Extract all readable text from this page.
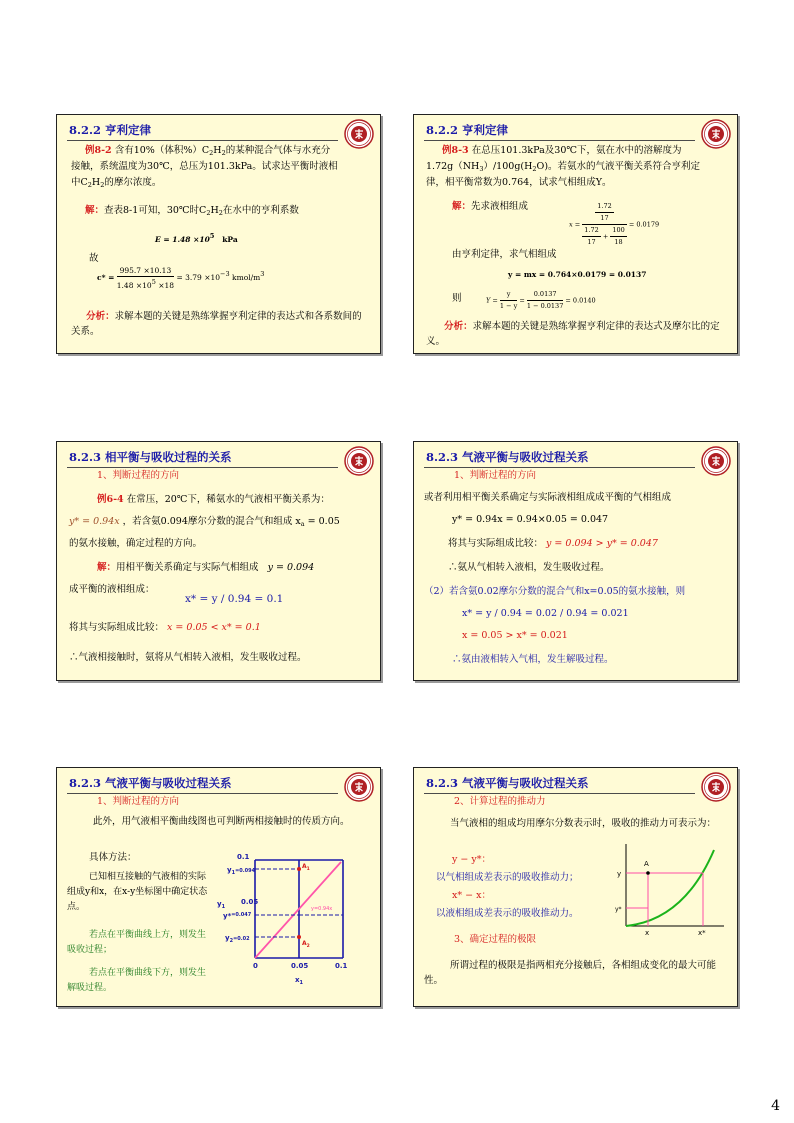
8.2.2 亨利定律
例8-2 含有10%（体积$\%)C_2H_2$的某种混合气体与水充分
接触，系统温度为30℃，总压为101.3kPa。试求达平衡时液相
中$C_2H_2$的摩尔浓度。
解：查表8-1可知，30℃时$C_2H_2$在水中的亨利系数
E = 1.48 ×105 kPa
故
$c* = \frac{995.7 \times 10.13}{1.48 \times 105 \times 18} = 3.79 \times 10-3$ kmol/m3
分析：求解本题的关键是熟练掌握亨利定律的表达式和各系数间的关系。
8.2.2 亨利定律
例8-3 在总压101.3kPa及30℃下，氨在水中的溶解度为
$1.72g(NH_3)/100g(H_2O)$。若氨水的气液平衡关系符合亨利定
律，相平衡常数为0.764，试求气相组成Y。
解：先求液相组成
$x = \frac{\frac{1.72}{17}}{\frac{1.72}{17} + \frac{100}{18}} = 0.0179$
由亨利定律，求气相组成
y = mx = 0.764×0.0179 = 0.0137
则	$Y = \frac{y}{1 - y} = \frac{0.0137}{1 - 0.0137} = 0.0140$
分析：求解本题的关键是熟练掌握亨利定律的表达式及摩尔比的定义。
8.2.3 相平衡与吸收过程的关系
1、判断过程的方向
例6-4 在常压，20℃下，稀氨水的气液相平衡关系为：
y* = 0.94x ，若含氨0.094摩尔分数的混合气和组成 $x_a = 0.05$
的氨水接触，确定过程的方向。
解：用相平衡关系确定与实际气相组成 y = 0.094
成平衡的液相组成：
x* = y / 0.94 = 0.1
将其与实际组成比较： x = 0.05 < x* = 0.1
∴气液相接触时，氨将从气相转入液相，发生吸收过程。
8.2.3 气液平衡与吸收过程关系
1、判断过程的方向
或者利用相平衡关系确定与实际液相组成成平衡的气相组成
y* = 0.94x = 0.94×0.05 = 0.047
将其与实际组成比较： y = 0.094 > y* = 0.047
∴氨从气相转入液相，发生吸收过程。
（2）若含氨0.02摩尔分数的混合气和x=0.05的氨水接触，则
x* = y / 0.94 = 0.02 / 0.94 = 0.021
x = 0.05 > x* = 0.021
∴氨由液相转入气相，发生解吸过程。
8.2.3 气液平衡与吸收过程关系
1、判断过程的方向
此外，用气液相平衡曲线图也可判断两相接触时的传质方向。
具体方法：
已知相互接触的气液相的实际组成y和x，在x-y坐标图中确定状态点。
若点在平衡曲线上方，则发生吸收过程；
若点在平衡曲线下方，则发生解吸过程。
0.1
$y_1^{=0.094}$
0.05
y*$^{=0.047}$
$y_2^{=0.02}$
$y_1$
0	0.05	0.1
$x_1$
$A_1$
$A_2$
y=0.94x
8.2.3 气液平衡与吸收过程关系
2、计算过程的推动力
当气液相的组成均用摩尔分数表示时，吸收的推动力可表示为：
y − y*：
以气相组成差表示的吸收推动力；
x* − x：
以液相组成差表示的吸收推动力。
3、确定过程的极限
所谓过程的极限是指两相充分接触后，各相组成变化的最大可能性。
A
y
y*
x	x*
4
